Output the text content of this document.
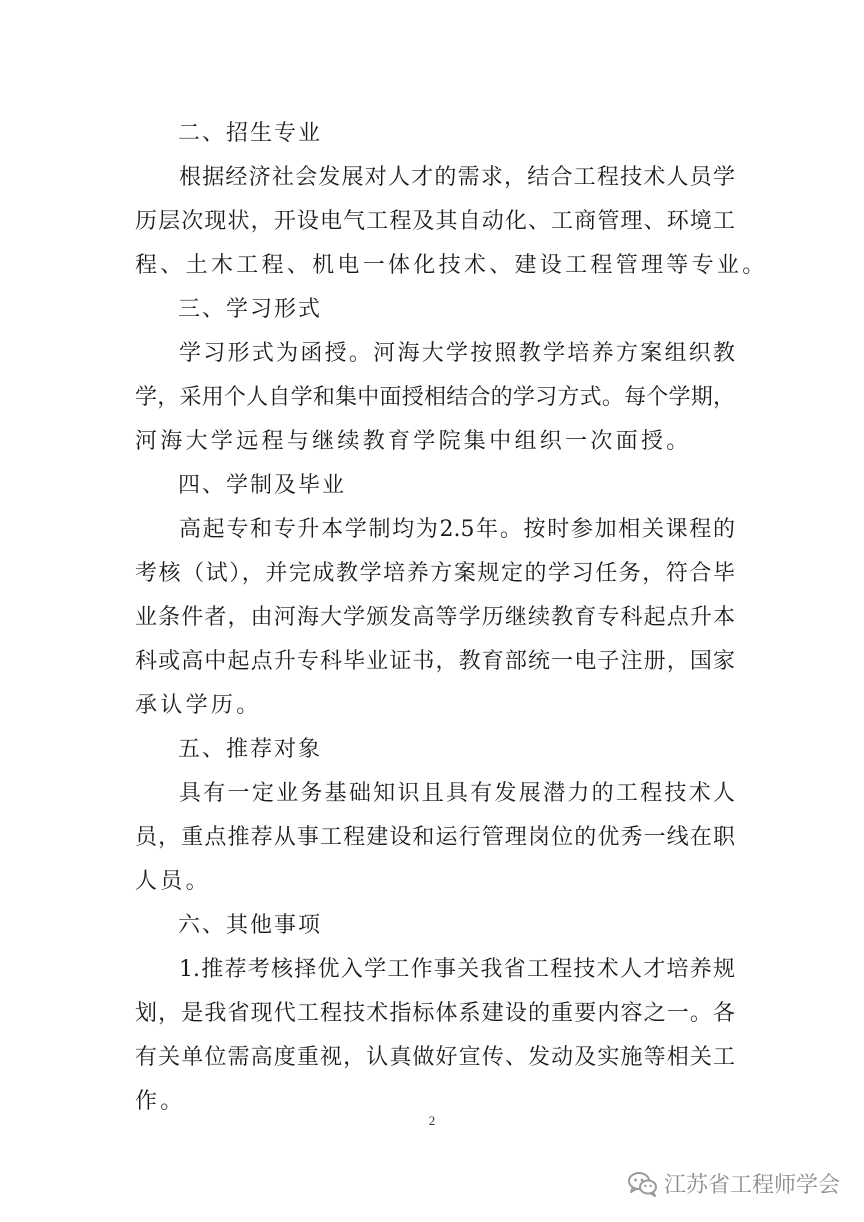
二、招生专业
根据经济社会发展对人才的需求，结合工程技术人员学
历层次现状，开设电气工程及其自动化、工商管理、环境工
程、土木工程、机电一体化技术、建设工程管理等专业。
三、学习形式
学习形式为函授。河海大学按照教学培养方案组织教
学，采用个人自学和集中面授相结合的学习方式。每个学期，
河海大学远程与继续教育学院集中组织一次面授。
四、学制及毕业
高起专和专升本学制均为2.5年。按时参加相关课程的
考核（试），并完成教学培养方案规定的学习任务，符合毕
业条件者，由河海大学颁发高等学历继续教育专科起点升本
科或高中起点升专科毕业证书，教育部统一电子注册，国家
承认学历。
五、推荐对象
具有一定业务基础知识且具有发展潜力的工程技术人
员，重点推荐从事工程建设和运行管理岗位的优秀一线在职
人员。
六、其他事项
1.推荐考核择优入学工作事关我省工程技术人才培养规
划，是我省现代工程技术指标体系建设的重要内容之一。各
有关单位需高度重视，认真做好宣传、发动及实施等相关工
作。
2
江苏省工程师学会
